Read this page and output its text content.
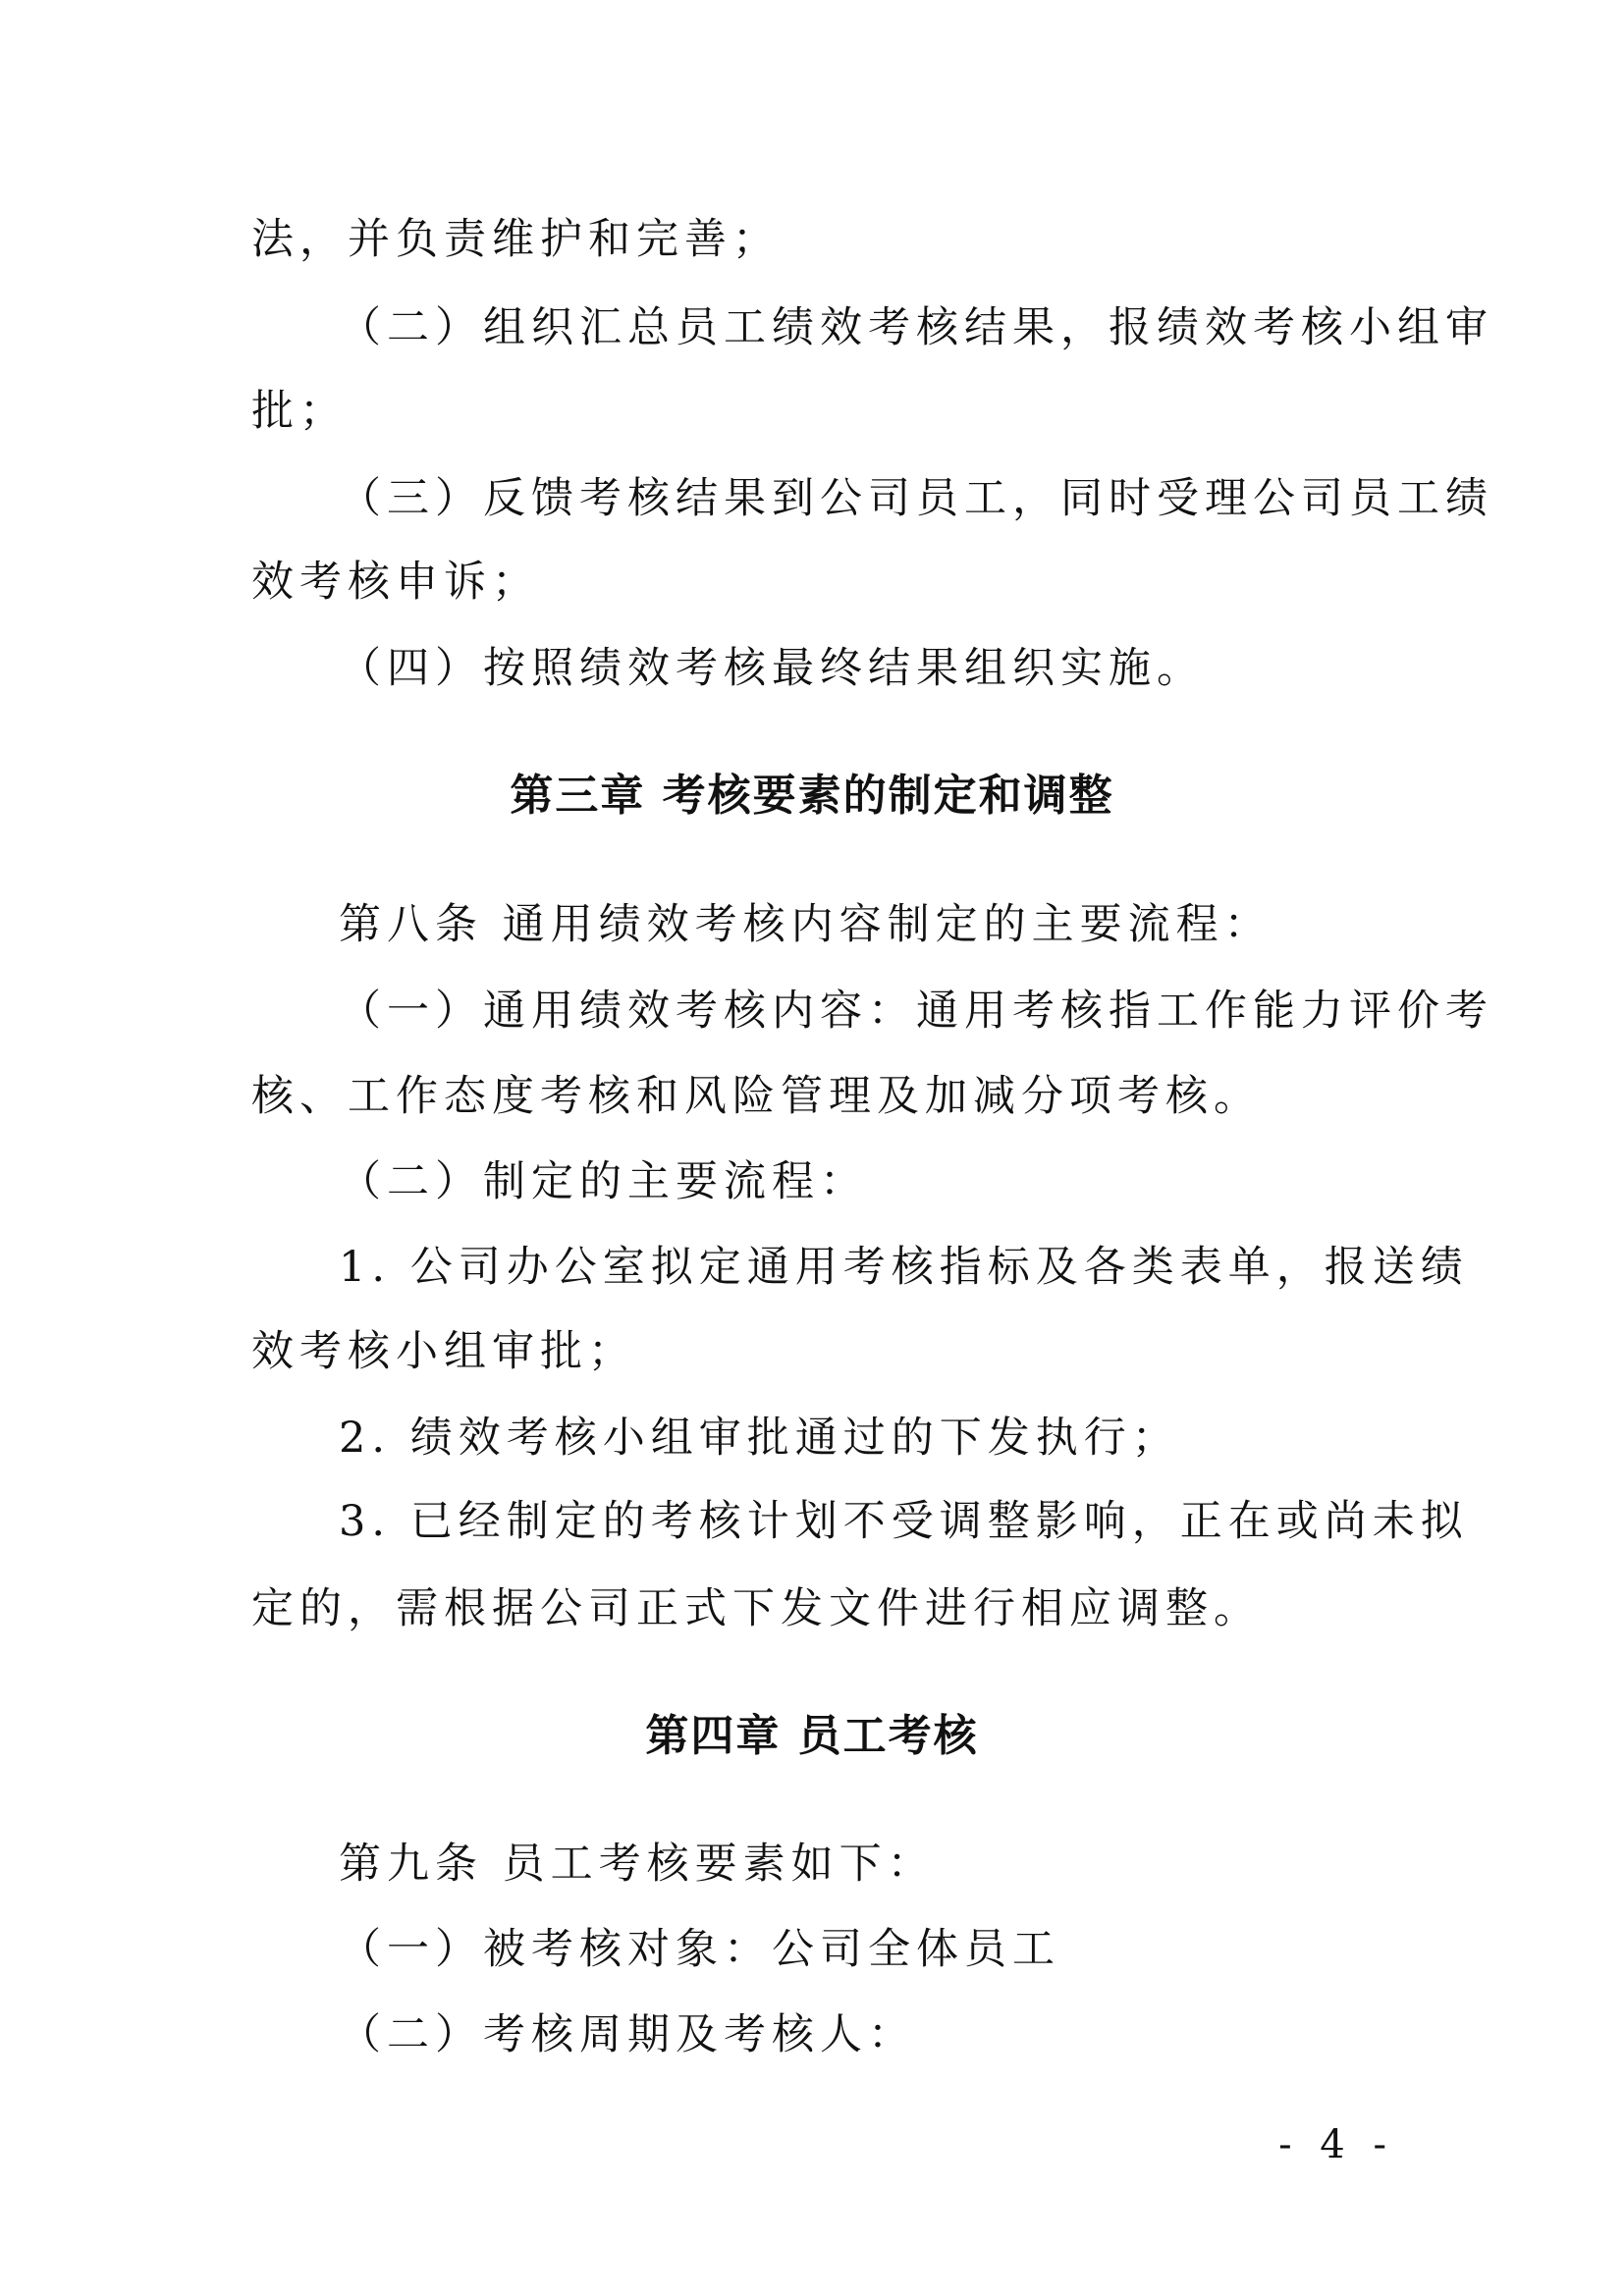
法，并负责维护和完善；
（二）组织汇总员工绩效考核结果，报绩效考核小组审
批；
（三）反馈考核结果到公司员工，同时受理公司员工绩
效考核申诉；
（四）按照绩效考核最终结果组织实施。
第三章 考核要素的制定和调整
第八条 通用绩效考核内容制定的主要流程：
（一）通用绩效考核内容：通用考核指工作能力评价考
核、工作态度考核和风险管理及加减分项考核。
（二）制定的主要流程：
1. 公司办公室拟定通用考核指标及各类表单，报送绩
效考核小组审批；
2. 绩效考核小组审批通过的下发执行；
3. 已经制定的考核计划不受调整影响，正在或尚未拟
定的，需根据公司正式下发文件进行相应调整。
第四章 员工考核
第九条 员工考核要素如下：
（一）被考核对象：公司全体员工
（二）考核周期及考核人：
- 4 -
